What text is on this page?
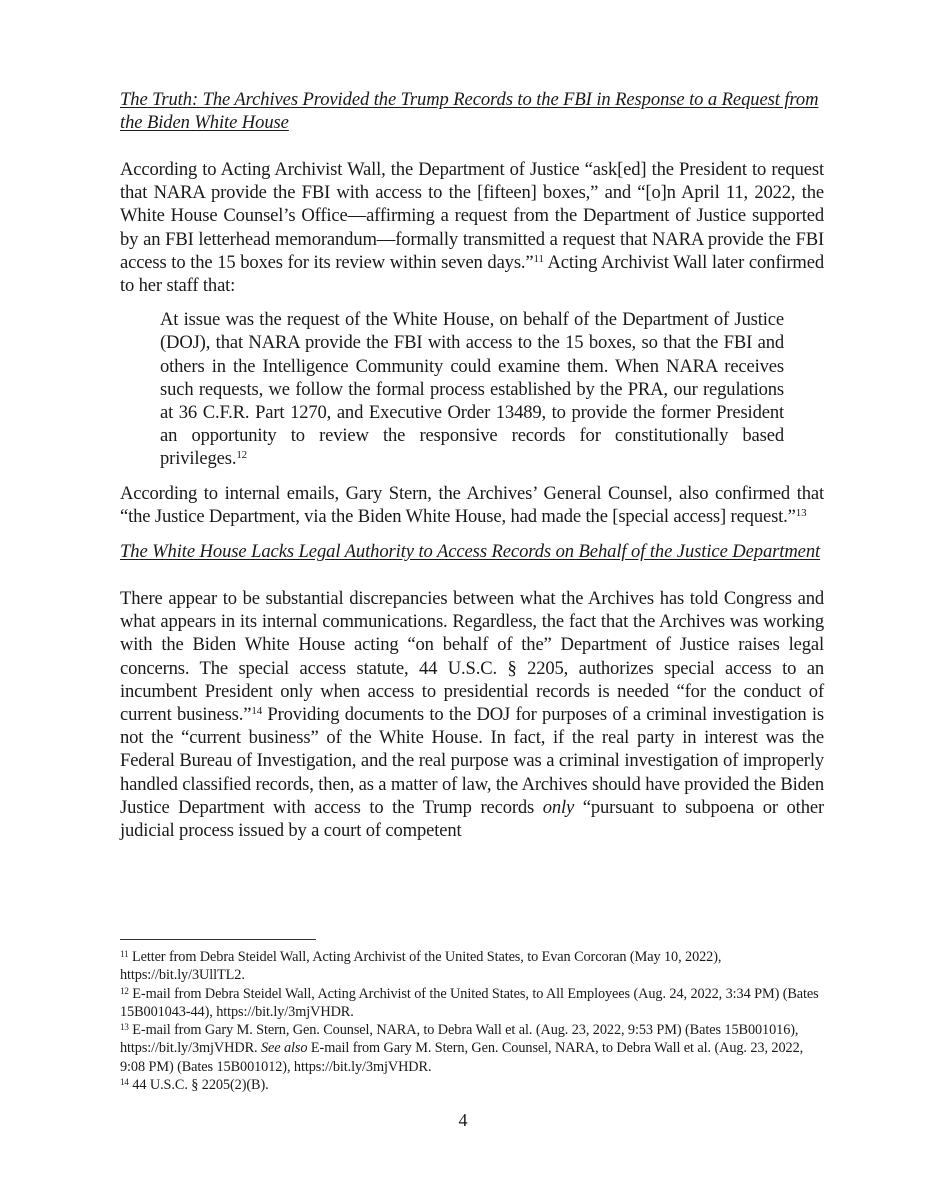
The Truth: The Archives Provided the Trump Records to the FBI in Response to a Request from the Biden White House

According to Acting Archivist Wall, the Department of Justice “ask[ed] the President to request that NARA provide the FBI with access to the [fifteen] boxes,” and “[o]n April 11, 2022, the White House Counsel’s Office—affirming a request from the Department of Justice supported by an FBI letterhead memorandum—formally transmitted a request that NARA provide the FBI access to the 15 boxes for its review within seven days.”$^{11}$ Acting Archivist Wall later confirmed to her staff that:

At issue was the request of the White House, on behalf of the Department of Justice (DOJ), that NARA provide the FBI with access to the 15 boxes, so that the FBI and others in the Intelligence Community could examine them. When NARA receives such requests, we follow the formal process established by the PRA, our regulations at 36 C.F.R. Part 1270, and Executive Order 13489, to provide the former President an opportunity to review the responsive records for constitutionally based privileges.$^{12}$

According to internal emails, Gary Stern, the Archives’ General Counsel, also confirmed that “the Justice Department, via the Biden White House, had made the [special access] request.”$^{13}$

The White House Lacks Legal Authority to Access Records on Behalf of the Justice Department

There appear to be substantial discrepancies between what the Archives has told Congress and what appears in its internal communications. Regardless, the fact that the Archives was working with the Biden White House acting “on behalf of the” Department of Justice raises legal concerns. The special access statute, 44 U.S.C. § 2205, authorizes special access to an incumbent President only when access to presidential records is needed “for the conduct of current business.”$^{14}$ Providing documents to the DOJ for purposes of a criminal investigation is not the “current business” of the White House. In fact, if the real party in interest was the Federal Bureau of Investigation, and the real purpose was a criminal investigation of improperly handled classified records, then, as a matter of law, the Archives should have provided the Biden Justice Department with access to the Trump records only “pursuant to subpoena or other judicial process issued by a court of competent

$^{11}$ Letter from Debra Steidel Wall, Acting Archivist of the United States, to Evan Corcoran (May 10, 2022), https://bit.ly/3UllTL2.

$^{12}$ E-mail from Debra Steidel Wall, Acting Archivist of the United States, to All Employees (Aug. 24, 2022, 3:34 PM) (Bates 15B001043-44), https://bit.ly/3mjVHDR.

$^{13}$ E-mail from Gary M. Stern, Gen. Counsel, NARA, to Debra Wall et al. (Aug. 23, 2022, 9:53 PM) (Bates 15B001016), https://bit.ly/3mjVHDR. See also E-mail from Gary M. Stern, Gen. Counsel, NARA, to Debra Wall et al. (Aug. 23, 2022, 9:08 PM) (Bates 15B001012), https://bit.ly/3mjVHDR.

$^{14}$ 44 U.S.C. § 2205(2)(B).

4
